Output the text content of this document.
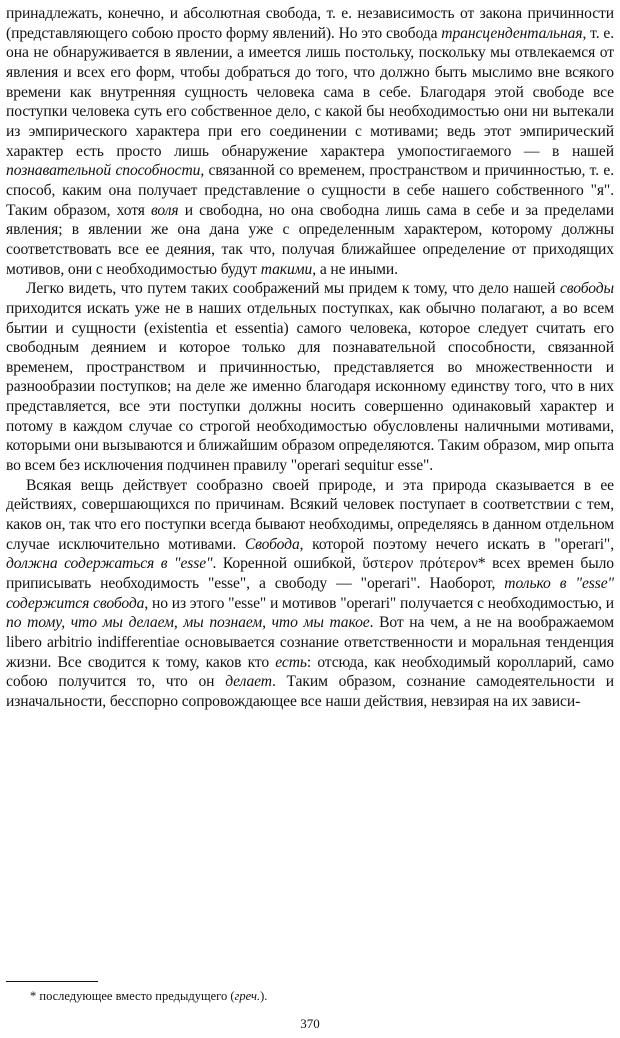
принадлежать, конечно, и абсолютная свобода, т. е. независимость от закона причинности (представляющего собою просто форму явлений). Но это свобода трансцендентальная, т. е. она не обнаруживается в явлении, а имеется лишь постольку, поскольку мы отвлекаемся от явления и всех его форм, чтобы добраться до того, что должно быть мыслимо вне всякого времени как внутренняя сущность человека сама в себе. Благодаря этой свободе все поступки человека суть его собственное дело, с какой бы необходимостью они ни вытекали из эмпирического характера при его соединении с мотивами; ведь этот эмпирический характер есть просто лишь обнаружение характера умопостигаемого — в нашей познавательной способности, связанной со временем, пространством и причинностью, т. е. способ, каким она получает представление о сущности в себе нашего собственного "я". Таким образом, хотя воля и свободна, но она свободна лишь сама в себе и за пределами явления; в явлении же она дана уже с определенным характером, которому должны соответствовать все ее деяния, так что, получая ближайшее определение от приходящих мотивов, они с необходимостью будут такими, а не иными.

Легко видеть, что путем таких соображений мы придем к тому, что дело нашей свободы приходится искать уже не в наших отдельных поступках, как обычно полагают, а во всем бытии и сущности (existentia et essentia) самого человека, которое следует считать его свободным деянием и которое только для познавательной способности, связанной временем, пространством и причинностью, представляется во множественности и разнообразии поступков; на деле же именно благодаря исконному единству того, что в них представляется, все эти поступки должны носить совершенно одинаковый характер и потому в каждом случае со строгой необходимостью обусловлены наличными мотивами, которыми они вызываются и ближайшим образом определяются. Таким образом, мир опыта во всем без исключения подчинен правилу "operari sequitur esse".

Всякая вещь действует сообразно своей природе, и эта природа сказывается в ее действиях, совершающихся по причинам. Всякий человек поступает в соответствии с тем, каков он, так что его поступки всегда бывают необходимы, определяясь в данном отдельном случае исключительно мотивами. Свобода, которой поэтому нечего искать в "operari", должна содержаться в "esse". Коренной ошибкой, ὕστερον πρότερον* всех времен было приписывать необходимость "esse", а свободу — "operari". Наоборот, только в "esse" содержится свобода, но из этого "esse" и мотивов "operari" получается с необходимостью, и по тому, что мы делаем, мы познаем, что мы такое. Вот на чем, а не на воображаемом libero arbitrio indifferentiae основывается сознание ответственности и моральная тенденция жизни. Все сводится к тому, каков кто есть: отсюда, как необходимый королларий, само собою получится то, что он делает. Таким образом, сознание самодеятельности и изначальности, бесспорно сопровождающее все наши действия, невзирая на их зависи-

* последующее вместо предыдущего (греч.).
370
